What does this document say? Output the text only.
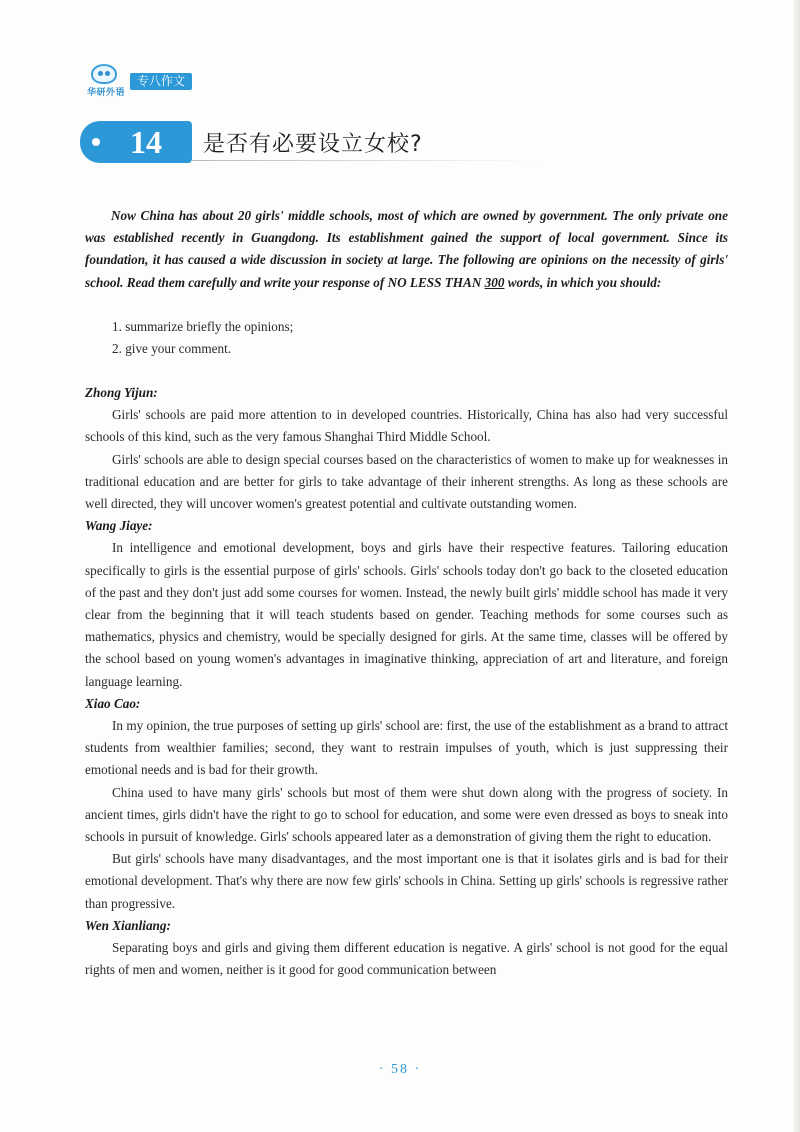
华研外语
专八作文
14	是否有必要设立女校?

Now China has about 20 girls' middle schools, most of which are owned by government. The only private one was established recently in Guangdong. Its establishment gained the support of local government. Since its foundation, it has caused a wide discussion in society at large. The following are opinions on the necessity of girls' school. Read them carefully and write your response of NO LESS THAN 300 words, in which you should:

1. summarize briefly the opinions;
2. give your comment.

Zhong Yijun:

Girls' schools are paid more attention to in developed countries. Historically, China has also had very successful schools of this kind, such as the very famous Shanghai Third Middle School.

Girls' schools are able to design special courses based on the characteristics of women to make up for weaknesses in traditional education and are better for girls to take advantage of their inherent strengths. As long as these schools are well directed, they will uncover women's greatest potential and cultivate outstanding women.

Wang Jiaye:

In intelligence and emotional development, boys and girls have their respective features. Tailoring education specifically to girls is the essential purpose of girls' schools. Girls' schools today don't go back to the closeted education of the past and they don't just add some courses for women. Instead, the newly built girls' middle school has made it very clear from the beginning that it will teach students based on gender. Teaching methods for some courses such as mathematics, physics and chemistry, would be specially designed for girls. At the same time, classes will be offered by the school based on young women's advantages in imaginative thinking, appreciation of art and literature, and foreign language learning.

Xiao Cao:

In my opinion, the true purposes of setting up girls' school are: first, the use of the establishment as a brand to attract students from wealthier families; second, they want to restrain impulses of youth, which is just suppressing their emotional needs and is bad for their growth.

China used to have many girls' schools but most of them were shut down along with the progress of society. In ancient times, girls didn't have the right to go to school for education, and some were even dressed as boys to sneak into schools in pursuit of knowledge. Girls' schools appeared later as a demonstration of giving them the right to education.

But girls' schools have many disadvantages, and the most important one is that it isolates girls and is bad for their emotional development. That's why there are now few girls' schools in China. Setting up girls' schools is regressive rather than progressive.

Wen Xianliang:

Separating boys and girls and giving them different education is negative. A girls' school is not good for the equal rights of men and women, neither is it good for good communication between

· 58 ·
